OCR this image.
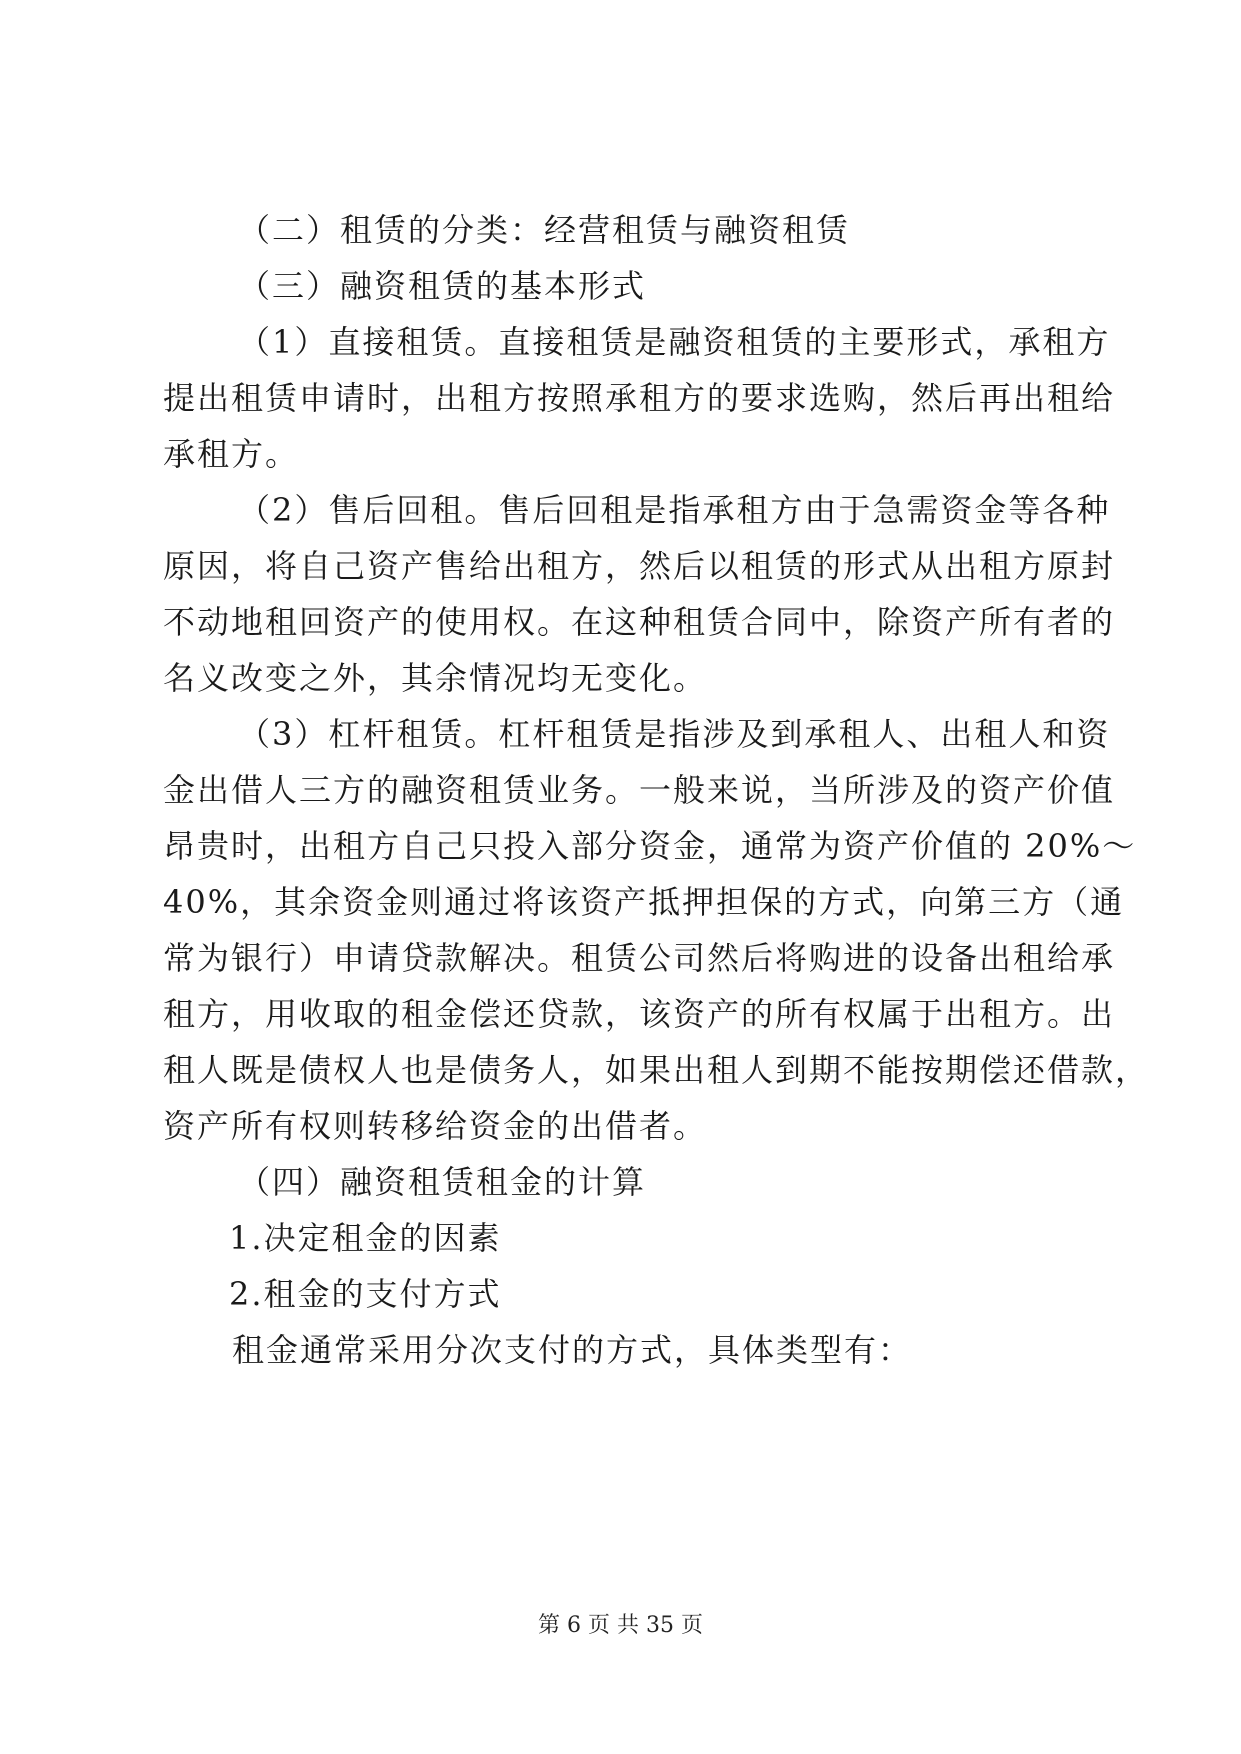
（二）租赁的分类：经营租赁与融资租赁
（三）融资租赁的基本形式
（1）直接租赁。直接租赁是融资租赁的主要形式，承租方
提出租赁申请时，出租方按照承租方的要求选购，然后再出租给
承租方。
（2）售后回租。售后回租是指承租方由于急需资金等各种
原因，将自己资产售给出租方，然后以租赁的形式从出租方原封
不动地租回资产的使用权。在这种租赁合同中，除资产所有者的
名义改变之外，其余情况均无变化。
（3）杠杆租赁。杠杆租赁是指涉及到承租人、出租人和资
金出借人三方的融资租赁业务。一般来说，当所涉及的资产价值
昂贵时，出租方自己只投入部分资金，通常为资产价值的 20%～
40%，其余资金则通过将该资产抵押担保的方式，向第三方（通
常为银行）申请贷款解决。租赁公司然后将购进的设备出租给承
租方，用收取的租金偿还贷款，该资产的所有权属于出租方。出
租人既是债权人也是债务人，如果出租人到期不能按期偿还借款，
资产所有权则转移给资金的出借者。
（四）融资租赁租金的计算
1.决定租金的因素
2.租金的支付方式
租金通常采用分次支付的方式，具体类型有：
第 6 页 共 35 页
